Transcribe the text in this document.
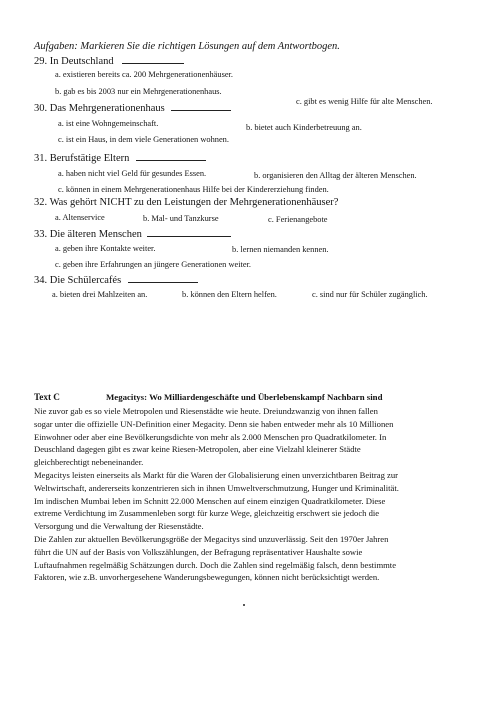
Aufgaben: Markieren Sie die richtigen Lösungen auf dem Antwortbogen.
29. In Deutschland
a. existieren bereits ca. 200 Mehrgenerationenhäuser.
b. gab es bis 2003 nur ein Mehrgenerationenhaus.
c. gibt es wenig Hilfe für alte Menschen.
30. Das Mehrgenerationenhaus
a. ist eine Wohngemeinschaft.	b. bietet auch Kinderbetreuung an.
c. ist ein Haus, in dem viele Generationen wohnen.
31. Berufstätige Eltern
a. haben nicht viel Geld für gesundes Essen.	b. organisieren den Alltag der älteren Menschen.
c. können in einem Mehrgenerationenhaus Hilfe bei der Kindererziehung finden.
32. Was gehört NICHT zu den Leistungen der Mehrgenerationenhäuser?
a. Altenservice	b. Mal- und Tanzkurse	c. Ferienangebote
33. Die älteren Menschen
a. geben ihre Kontakte weiter.	b. lernen niemanden kennen.
c. geben ihre Erfahrungen an jüngere Generationen weiter.
34. Die Schülercafés
a. bieten drei Mahlzeiten an.	b. können den Eltern helfen.	c. sind nur für Schüler zugänglich.
Text C	Megacitys: Wo Milliardengeschäfte und Überlebenskampf Nachbarn sind

Nie zuvor gab es so viele Metropolen und Riesenstädte wie heute. Dreiundzwanzig von ihnen fallen

sogar unter die offizielle UN-Definition einer Megacity. Denn sie haben entweder mehr als 10 Millionen

Einwohner oder aber eine Bevölkerungsdichte von mehr als 2.000 Menschen pro Quadratkilometer. In

Deuschland dagegen gibt es zwar keine Riesen-Metropolen, aber eine Vielzahl kleinerer Städte

gleichberechtigt nebeneinander.

Megacitys leisten einerseits als Markt für die Waren der Globalisierung einen unverzichtbaren Beitrag zur

Weltwirtschaft, andererseits konzentrieren sich in ihnen Umweltverschmutzung, Hunger und Kriminalität.

Im indischen Mumbai leben im Schnitt 22.000 Menschen auf einem einzigen Quadratkilometer. Diese

extreme Verdichtung im Zusammenleben sorgt für kurze Wege, gleichzeitig erschwert sie jedoch die

Versorgung und die Verwaltung der Riesenstädte.

Die Zahlen zur aktuellen Bevölkerungsgröße der Megacitys sind unzuverlässig. Seit den 1970er Jahren

führt die UN auf der Basis von Volkszählungen, der Befragung repräsentativer Haushalte sowie

Luftaufnahmen regelmäßig Schätzungen durch. Doch die Zahlen sind regelmäßig falsch, denn bestimmte

Faktoren, wie z.B. unvorhergesehene Wanderungsbewegungen, können nicht berücksichtigt werden.
